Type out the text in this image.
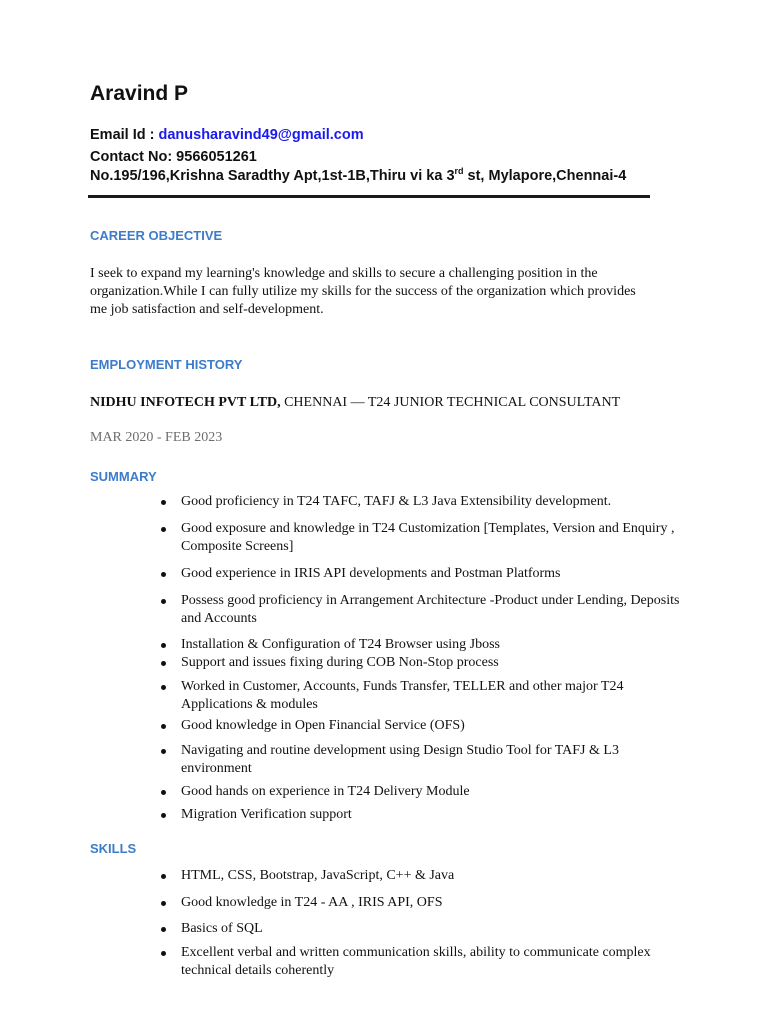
Aravind P
Email Id : danusharavind49@gmail.com
Contact No: 9566051261
No.195/196,Krishna Saradthy Apt,1st-1B,Thiru vi ka 3rd st, Mylapore,Chennai-4
CAREER OBJECTIVE
I seek to expand my learning's knowledge and skills to secure a challenging position in the organization.While I can fully utilize my skills for the success of the organization which provides me job satisfaction and self-development.
EMPLOYMENT HISTORY
NIDHU INFOTECH PVT LTD, CHENNAI — T24 JUNIOR TECHNICAL CONSULTANT
MAR 2020 - FEB 2023
SUMMARY
Good proficiency in T24 TAFC, TAFJ & L3 Java Extensibility development.
Good exposure and knowledge in T24 Customization [Templates, Version and Enquiry , Composite Screens]
Good experience in IRIS API developments and Postman Platforms
Possess good proficiency in Arrangement Architecture -Product under Lending, Deposits and Accounts
Installation & Configuration of T24 Browser using Jboss
Support and issues fixing during COB Non-Stop process
Worked in Customer, Accounts, Funds Transfer, TELLER and other major T24 Applications & modules
Good knowledge in Open Financial Service (OFS)
Navigating and routine development using Design Studio Tool for TAFJ & L3 environment
Good hands on experience in T24 Delivery Module
Migration Verification support
SKILLS
HTML, CSS, Bootstrap, JavaScript, C++ & Java
Good knowledge in T24 - AA , IRIS API, OFS
Basics of SQL
Excellent verbal and written communication skills, ability to communicate complex technical details coherently
